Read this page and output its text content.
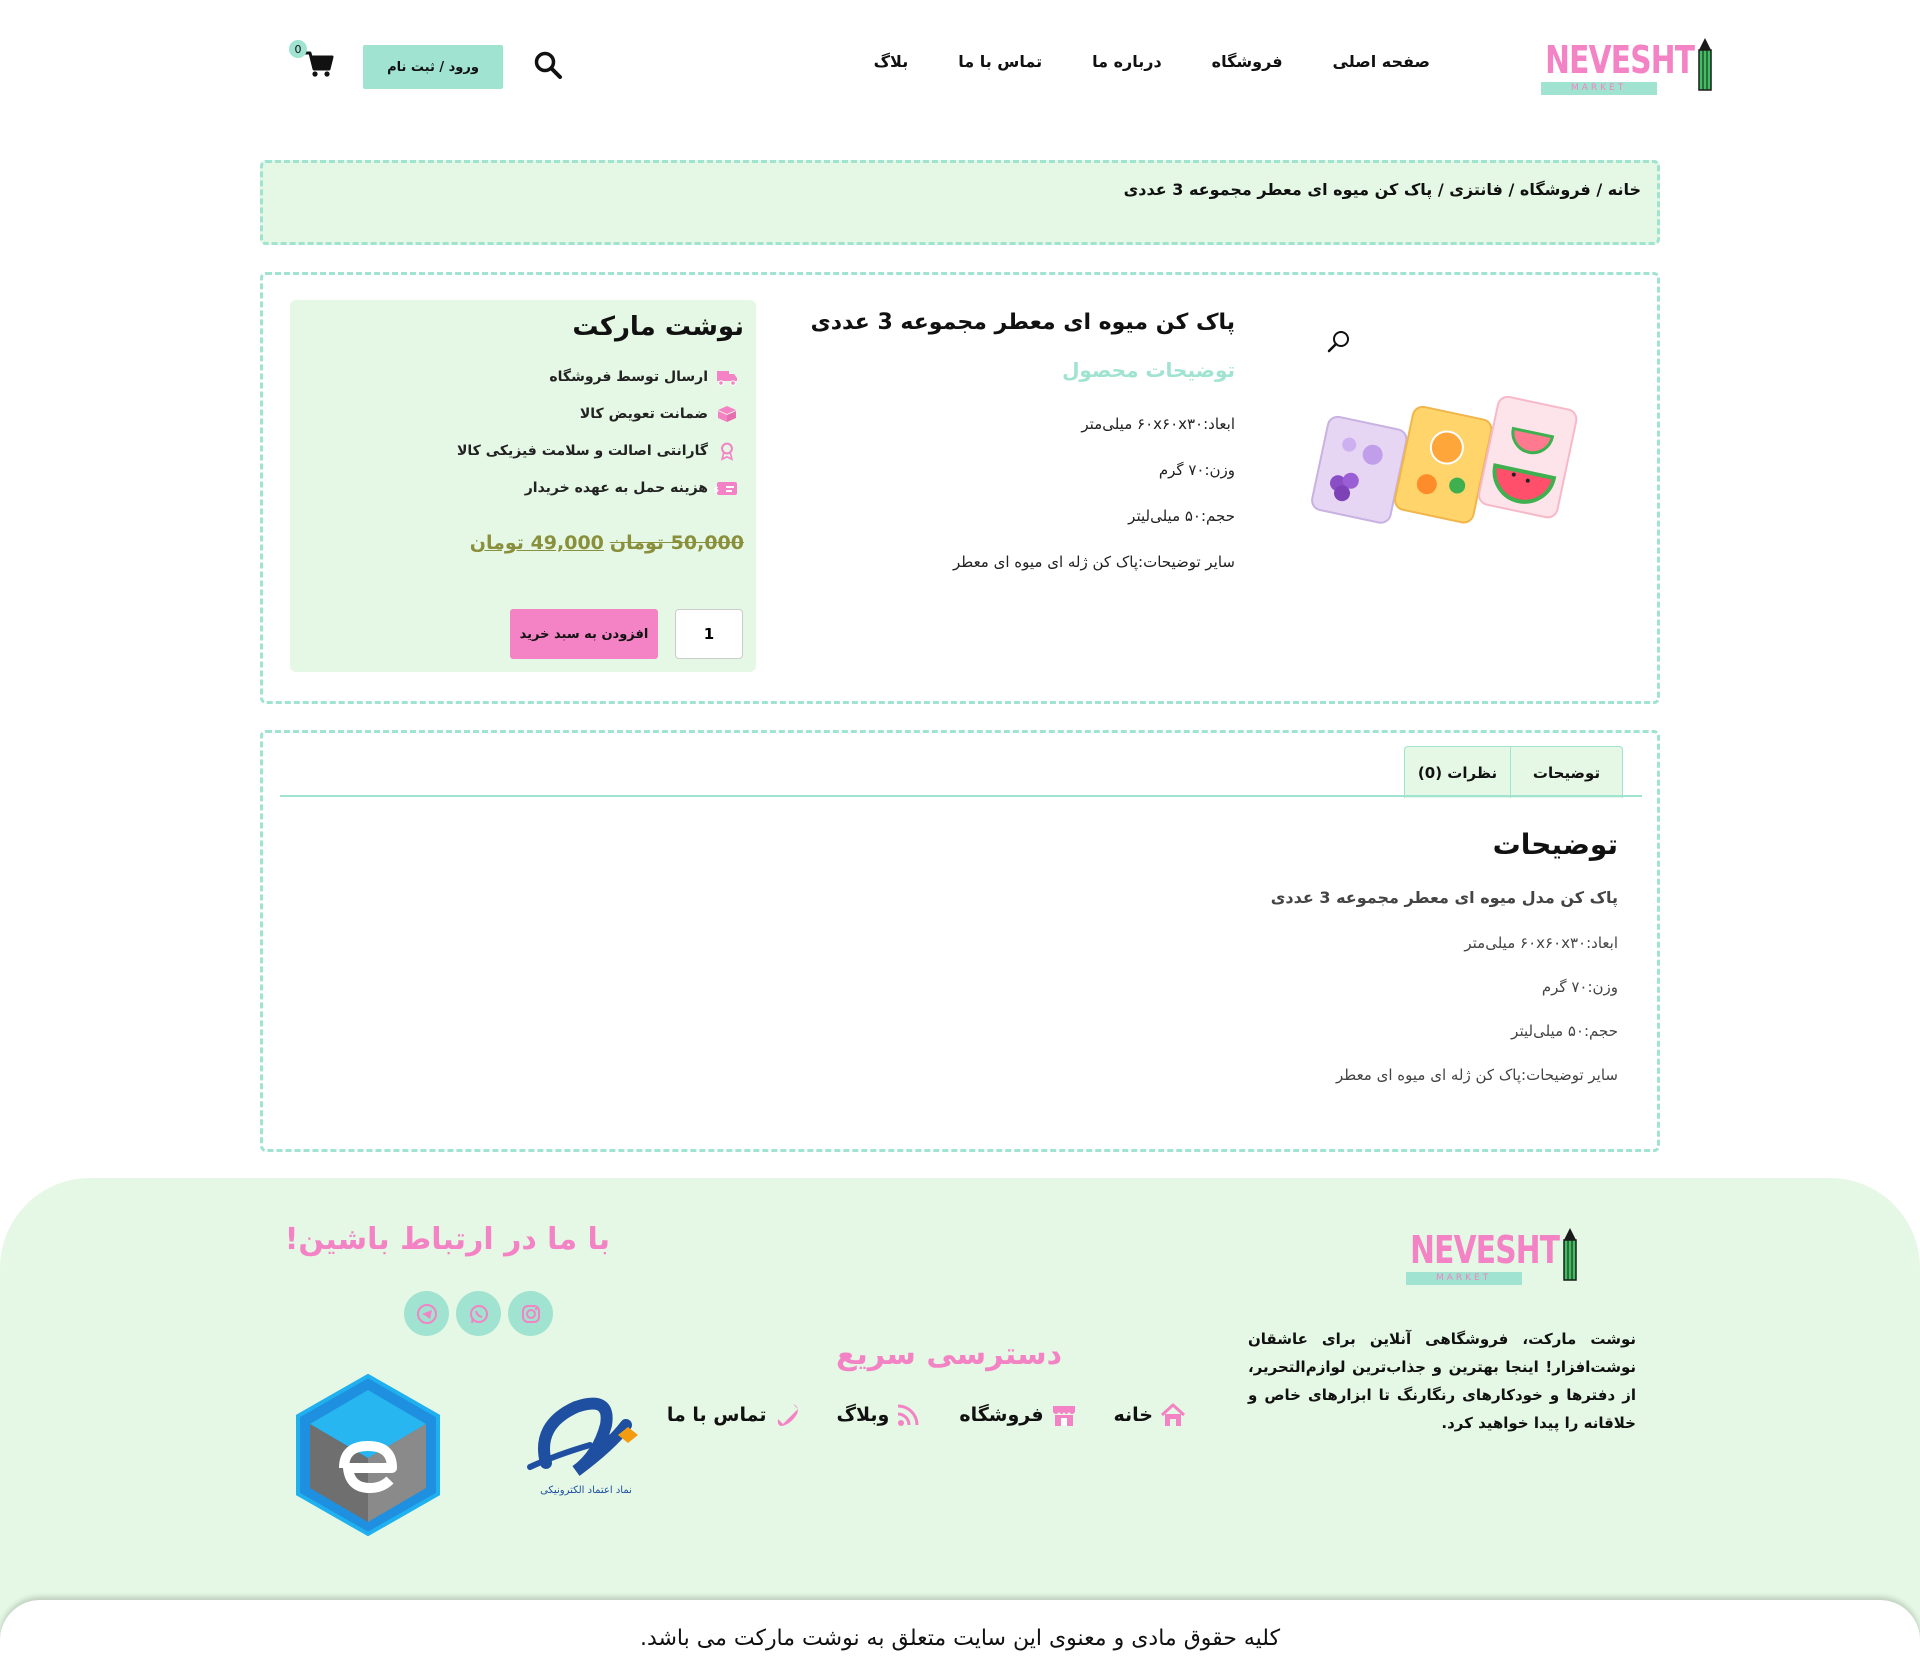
NEVESHT
MARKET
صفحه اصلی
فروشگاه
درباره ما
تماس با ما
بلاگ
ورود / ثبت نام
0
خانه / فروشگاه / فانتزی / پاک کن میوه ای معطر مجموعه 3 عددی
پاک کن میوه ای معطر مجموعه 3 عددی
توضیحات محصول
ابعاد:۶۰x۶۰x۳۰ میلی‌متر
وزن:۷۰ گرم
حجم:۵۰ میلی‌لیتر
سایر توضیحات:پاک کن ژله ای میوه ای معطر
نوشت مارکت
ارسال توسط فروشگاه
ضمانت تعویض کالا
گارانتی اصالت و سلامت فیزیکی کالا
$
هزینه حمل به عهده خریدار
50,000 تومان
49,000 تومان
1
افزودن به سبد خرید
توضیحات
نظرات (0)
توضیحات
پاک کن مدل میوه ای معطر مجموعه 3 عددی
ابعاد:۶۰x۶۰x۳۰ میلی‌متر
وزن:۷۰ گرم
حجم:۵۰ میلی‌لیتر
سایر توضیحات:پاک کن ژله ای میوه ای معطر
NEVESHT
MARKET
نوشت مارکت، فروشگاهی آنلاین برای عاشقان نوشت‌افزار! اینجا بهترین و جذاب‌ترین لوازم‌التحریر، از دفترها و خودکارهای رنگارنگ تا ابزارهای خاص و خلاقانه را پیدا خواهید کرد.
دسترسی سریع
خانه
فروشگاه
وبلاگ
تماس با ما
با ما در ارتباط باشین!
نماد اعتماد الکترونیکی
کلیه حقوق مادی و معنوی این سایت متعلق به نوشت مارکت می باشد.
